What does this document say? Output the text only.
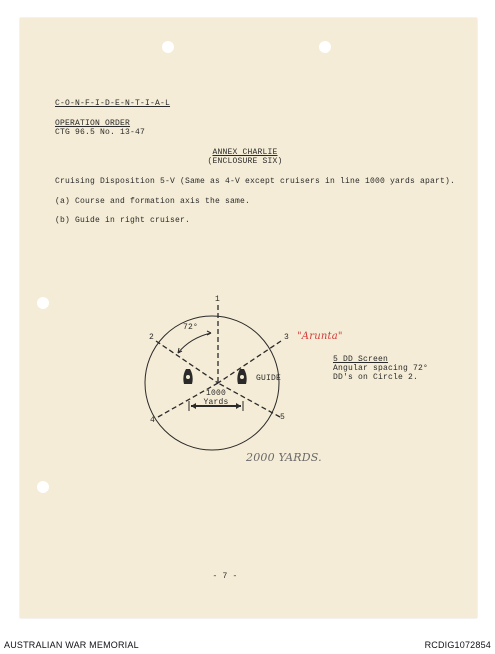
C-O-N-F-I-D-E-N-T-I-A-L
OPERATION ORDER
CTG 96.5 No. 13-47
ANNEX CHARLIE
(ENCLOSURE SIX)
Cruising Disposition 5-V (Same as 4-V except cruisers in line 1000 yards apart).
(a) Course and formation axis the same.
(b) Guide in right cruiser.
1
2	3
4	5
72°
GUIDE
1000
Yards
"Arunta"
2000 YARDS.
5 DD Screen
Angular spacing 72°
DD's on Circle 2.
- 7 -
AUSTRALIAN WAR MEMORIAL	RCDIG1072854
